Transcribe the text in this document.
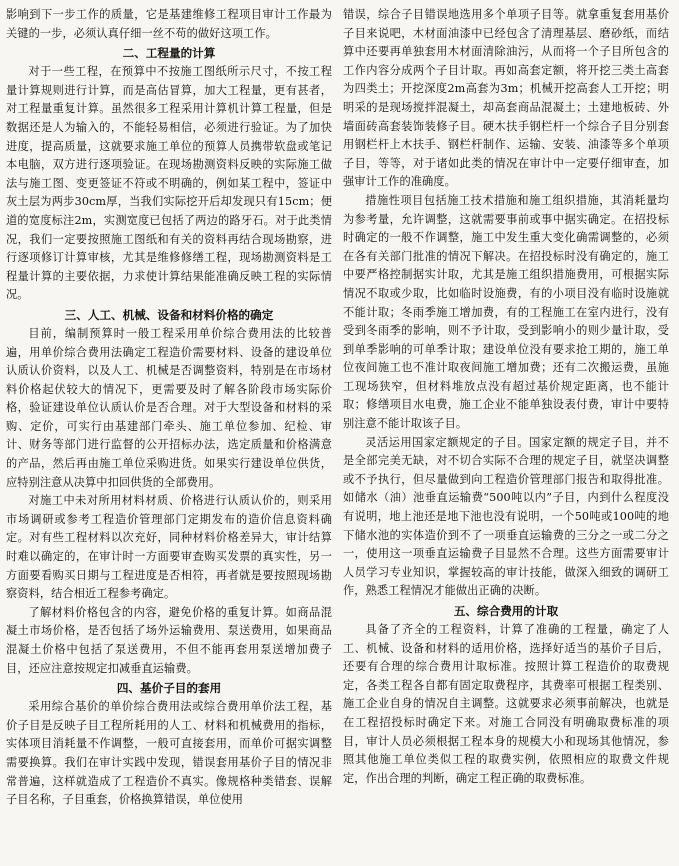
影响到下一步工作的质量，它是基建维修工程项目审计工作最为关键的一步，必须认真仔细一丝不苟的做好这项工作。

二、工程量的计算

对于一些工程，在预算中不按施工图纸所示尺寸，不按工程量计算规则进行计算，而是高估冒算，加大工程量，更有甚者，对工程量重复计算。虽然很多工程采用计算机计算工程量，但是数据还是人为输入的，不能轻易相信，必须进行验证。为了加快进度，提高质量，这就要求施工单位的预算人员携带软盘或笔记本电脑，双方进行逐项验证。在现场勘测资料反映的实际施工做法与施工图、变更签证不符或不明确的，例如某工程中，签证中灰土层为两步30cm厚，当我们实际挖开后却发现只有15cm；便道的宽度标注2m，实测宽度已包括了两边的路牙石。对于此类情况，我们一定要按照施工图纸和有关的资料再结合现场勘察，进行逐项修订计算审核，尤其是维修修缮工程，现场勘测资料是工程量计算的主要依据，力求使计算结果能准确反映工程的实际情况。

三、人工、机械、设备和材料价格的确定

目前，编制预算时一般工程采用单价综合费用法的比较普遍，用单价综合费用法确定工程造价需要材料、设备的建设单位认质认价资料，以及人工、机械是否调整资料，特别是在市场材料价格起伏较大的情况下，更需要及时了解各阶段市场实际价格，验证建设单位认质认价是否合理。对于大型设备和材料的采购、定价，可实行由基建部门牵头、施工单位参加、纪检、审计、财务等部门进行监督的公开招标办法，选定质量和价格满意的产品，然后再由施工单位采购进货。如果实行建设单位供货，应特别注意从决算中扣回供货的全部费用。

对施工中未对所用材料材质、价格进行认质认价的，则采用市场调研或参考工程造价管理部门定期发布的造价信息资料确定。对有些工程材料以次充好，同种材料价格差异大，审计结算时难以确定的，在审计时一方面要审查购买发票的真实性，另一方面要看购买日期与工程进度是否相符，再者就是要按照现场勘察资料，结合相近工程参考确定。

了解材料价格包含的内容，避免价格的重复计算。如商品混凝土市场价格，是否包括了场外运输费用、泵送费用，如果商品混凝土价格中包括了泵送费用，不但不能再套用泵送增加费子目，还应注意按规定扣减垂直运输费。

四、基价子目的套用

采用综合基价的单价综合费用法或综合费用单价法工程，基价子目是反映子目工程所耗用的人工、材料和机械费用的指标，实体项目消耗量不作调整，一般可直接套用，而单价可据实调整需要换算。我们在审计实践中发现，错误套用基价子目的情况非常普遍，这样就造成了工程造价不真实。像规格种类错套、误解子目名称，子目重套，价格换算错误，单位使用

错误，综合子目错误地选用多个单项子目等。就拿重复套用基价子目来说吧，木材面油漆中已经包含了清理基层、磨砂纸，而结算中还要再单独套用木材面清除油污，从而将一个子目所包含的工作内容分成两个子目计取。再如高套定额，将开挖三类土高套为四类土；开挖深度2m高套为3m；机械开挖高套人工开挖；明明采的是现场搅拌混凝土，却高套商品混凝土；土建地板砖、外墙面砖高套装饰装修子目。硬木扶手钢栏杆一个综合子目分别套用钢栏杆上木扶手、钢栏杆制作、运输、安装、油漆等多个单项子目，等等，对于诸如此类的情况在审计中一定要仔细审查，加强审计工作的准确度。

措施性项目包括施工技术措施和施工组织措施，其消耗量均为参考量，允许调整，这就需要事前或事中据实确定。在招投标时确定的一般不作调整，施工中发生重大变化确需调整的，必须在各有关部门批准的情况下解决。在招投标时没有确定的，施工中要严格控制据实计取，尤其是施工组织措施费用，可根据实际情况不取或少取，比如临时设施费，有的小项目没有临时设施就不能计取；冬雨季施工增加费，有的工程施工在室内进行，没有受到冬雨季的影响，则不予计取，受到影响小的则少量计取，受到单季影响的可单季计取；建设单位没有要求抢工期的，施工单位夜间施工也不准计取夜间施工增加费；还有二次搬运费，虽施工现场狭窄，但材料堆放点没有超过基价规定距离，也不能计取；修缮项目水电费，施工企业不能单独设表付费，审计中要特别注意不能计取该子目。

灵活运用国家定额规定的子目。国家定额的规定子目，并不是全部完美无缺，对不切合实际不合理的规定子目，就坚决调整或不予执行，但尽量做到向工程造价管理部门报告和取得批准。如储水（油）池垂直运输费“500吨以内”子目，内到什么程度没有说明，地上池还是地下池也没有说明，一个50吨或100吨的地下储水池的实体造价到不了一项垂直运输费的三分之一或二分之一，使用这一项垂直运输费子目显然不合理。这些方面需要审计人员学习专业知识，掌握较高的审计技能，做深入细致的调研工作，熟悉工程情况才能做出正确的决断。

五、综合费用的计取

具备了齐全的工程资料，计算了准确的工程量，确定了人工、机械、设备和材料的适用价格，选择好适当的基价子目后，还要有合理的综合费用计取标准。按照计算工程造价的取费规定，各类工程各自都有固定取费程序，其费率可根据工程类别、施工企业自身的情况自主调整。这就要求必须事前解决，也就是在工程招投标时确定下来。对施工合同没有明确取费标准的项目，审计人员必须根据工程本身的规模大小和现场其他情况，参照其他施工单位类似工程的取费实例，依照相应的取费文件规定，作出合理的判断，确定工程正确的取费标准。
